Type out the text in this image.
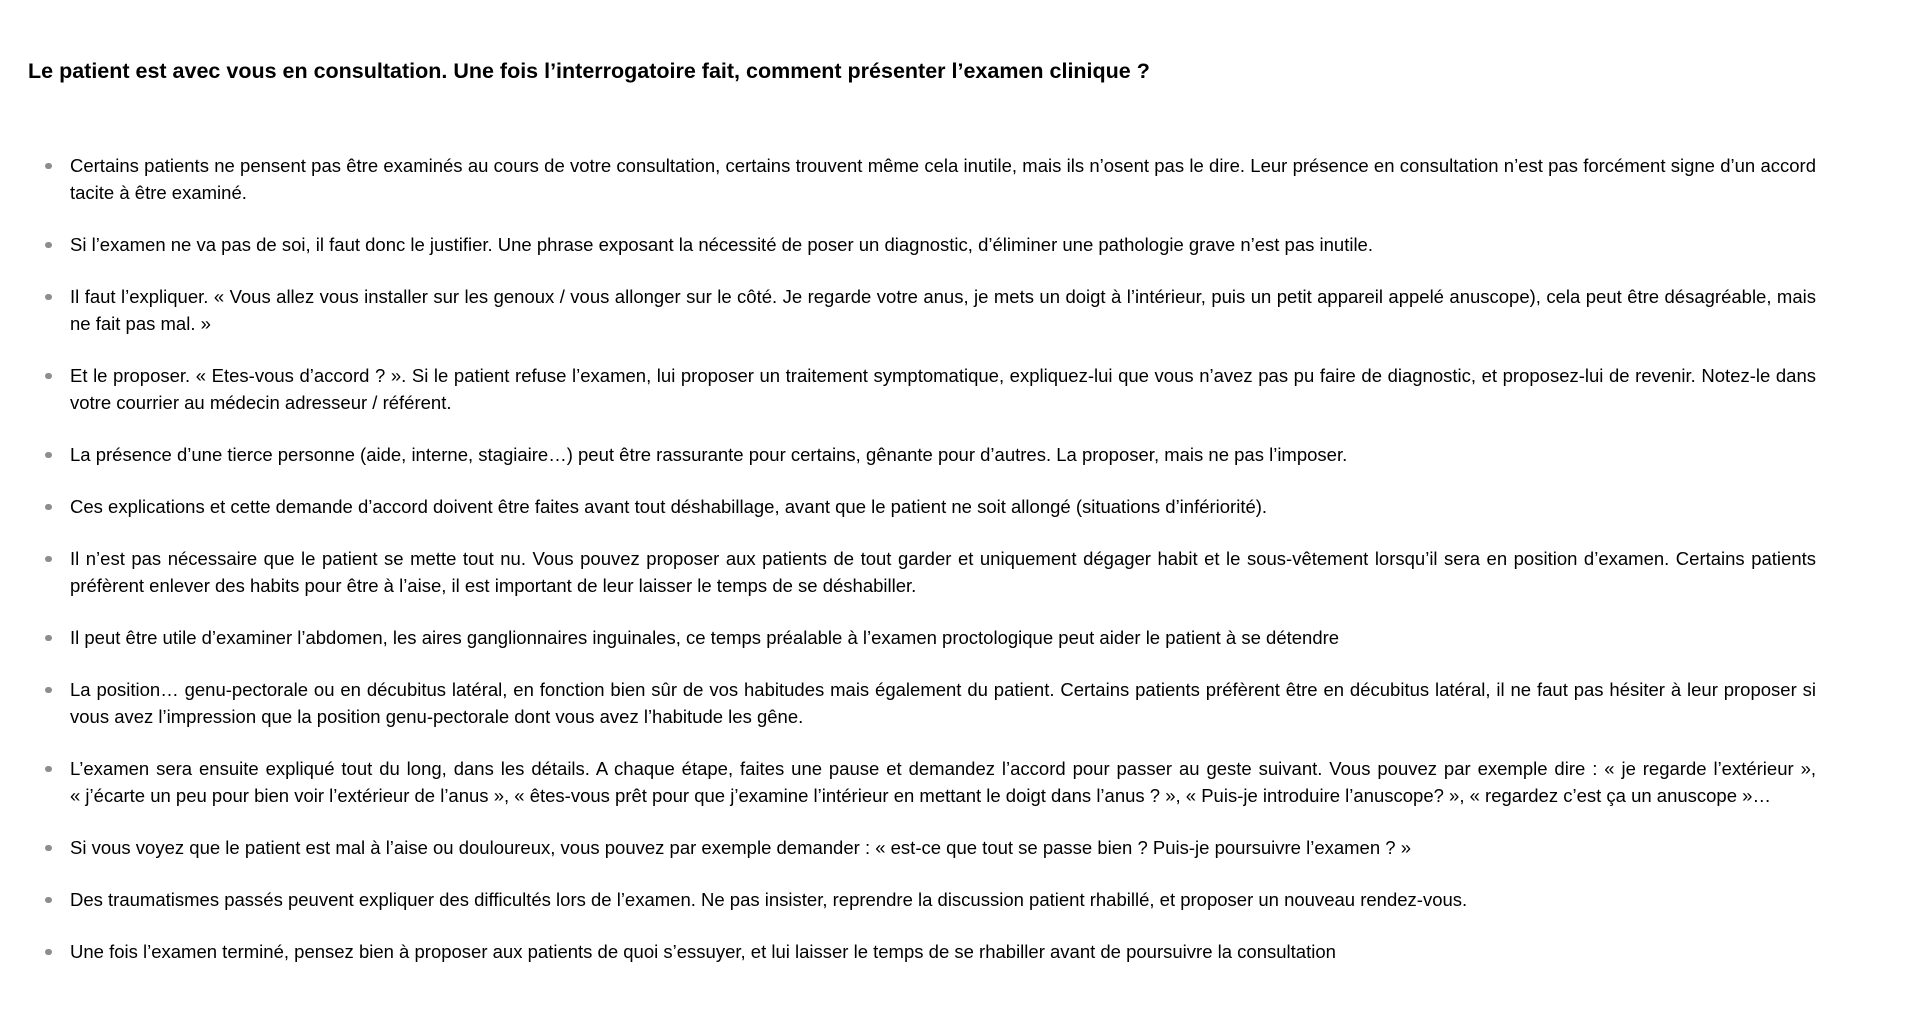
Le patient est avec vous en consultation. Une fois l’interrogatoire fait, comment présenter l’examen clinique ?
Certains patients ne pensent pas être examinés au cours de votre consultation, certains trouvent même cela inutile, mais ils n’osent pas le dire. Leur présence en consultation n’est pas forcément signe d’un accord tacite à être examiné.
Si l’examen ne va pas de soi, il faut donc le justifier. Une phrase exposant la nécessité de poser un diagnostic, d’éliminer une pathologie grave n’est pas inutile.
Il faut l’expliquer. « Vous allez vous installer sur les genoux / vous allonger sur le côté. Je regarde votre anus, je mets un doigt à l’intérieur, puis un petit appareil appelé anuscope), cela peut être désagréable, mais ne fait pas mal. »
Et le proposer. « Etes-vous d’accord ? ». Si le patient refuse l’examen, lui proposer un traitement symptomatique, expliquez-lui que vous n’avez pas pu faire de diagnostic, et proposez-lui de revenir. Notez-le dans votre courrier au médecin adresseur / référent.
La présence d’une tierce personne (aide, interne, stagiaire…) peut être rassurante pour certains, gênante pour d’autres. La proposer, mais ne pas l’imposer.
Ces explications et cette demande d’accord doivent être faites avant tout déshabillage, avant que le patient ne soit allongé (situations d’infériorité).
Il n’est pas nécessaire que le patient se mette tout nu. Vous pouvez proposer aux patients de tout garder et uniquement dégager habit et le sous-vêtement lorsqu’il sera en position d’examen. Certains patients préfèrent enlever des habits pour être à l’aise, il est important de leur laisser le temps de se déshabiller.
Il peut être utile d’examiner l’abdomen, les aires ganglionnaires inguinales, ce temps préalable à l’examen proctologique peut aider le patient à se détendre
La position… genu-pectorale ou en décubitus latéral, en fonction bien sûr de vos habitudes mais également du patient. Certains patients préfèrent être en décubitus latéral, il ne faut pas hésiter à leur proposer si vous avez l’impression que la position genu-pectorale dont vous avez l’habitude les gêne.
L’examen sera ensuite expliqué tout du long, dans les détails. A chaque étape, faites une pause et demandez l’accord pour passer au geste suivant. Vous pouvez par exemple dire : « je regarde l’extérieur », « j’écarte un peu pour bien voir l’extérieur de l’anus », « êtes-vous prêt pour que j’examine l’intérieur en mettant le doigt dans l’anus ? », « Puis-je introduire l’anuscope? », « regardez c’est ça un anuscope »…
Si vous voyez que le patient est mal à l’aise ou douloureux, vous pouvez par exemple demander : « est-ce que tout se passe bien ? Puis-je poursuivre l’examen ? »
Des traumatismes passés peuvent expliquer des difficultés lors de l’examen. Ne pas insister, reprendre la discussion patient rhabillé, et proposer un nouveau rendez-vous.
Une fois l’examen terminé, pensez bien à proposer aux patients de quoi s’essuyer, et lui laisser le temps de se rhabiller avant de poursuivre la consultation
